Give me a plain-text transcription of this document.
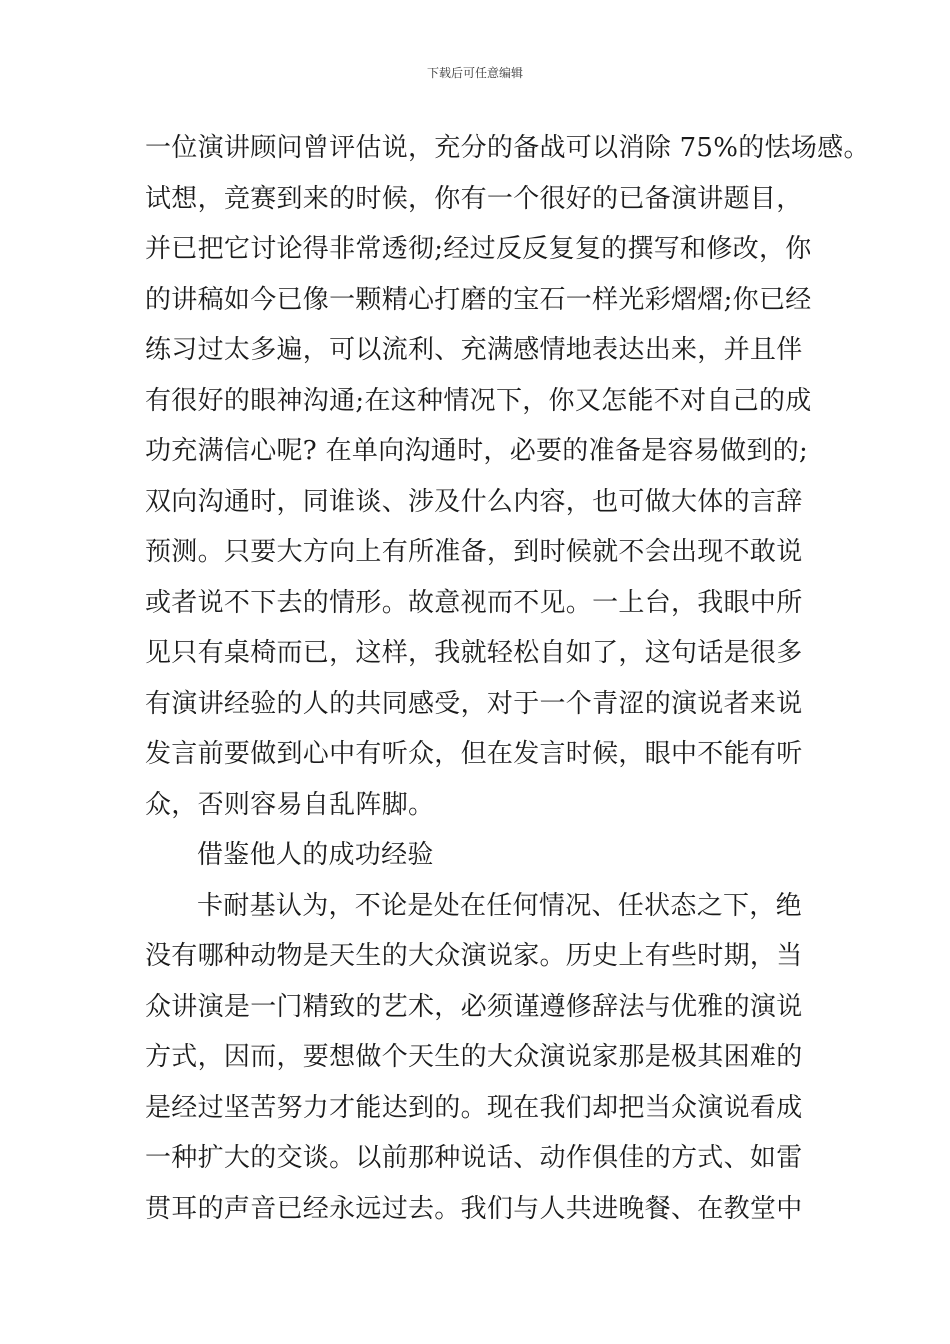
下载后可任意编辑
一位演讲顾问曾评估说，充分的备战可以消除 75%的怯场感。
试想，竞赛到来的时候，你有一个很好的已备演讲题目，
并已把它讨论得非常透彻;经过反反复复的撰写和修改，你
的讲稿如今已像一颗精心打磨的宝石一样光彩熠熠;你已经
练习过太多遍，可以流利、充满感情地表达出来，并且伴
有很好的眼神沟通;在这种情况下，你又怎能不对自己的成
功充满信心呢? 在单向沟通时，必要的准备是容易做到的;
双向沟通时，同谁谈、涉及什么内容，也可做大体的言辞
预测。只要大方向上有所准备，到时候就不会出现不敢说
或者说不下去的情形。故意视而不见。一上台，我眼中所
见只有桌椅而已，这样，我就轻松自如了，这句话是很多
有演讲经验的人的共同感受，对于一个青涩的演说者来说
发言前要做到心中有听众，但在发言时候，眼中不能有听
众，否则容易自乱阵脚。
借鉴他人的成功经验
卡耐基认为，不论是处在任何情况、任状态之下，绝
没有哪种动物是天生的大众演说家。历史上有些时期，当
众讲演是一门精致的艺术，必须谨遵修辞法与优雅的演说
方式，因而，要想做个天生的大众演说家那是极其困难的
是经过坚苦努力才能达到的。现在我们却把当众演说看成
一种扩大的交谈。以前那种说话、动作俱佳的方式、如雷
贯耳的声音已经永远过去。我们与人共进晚餐、在教堂中
